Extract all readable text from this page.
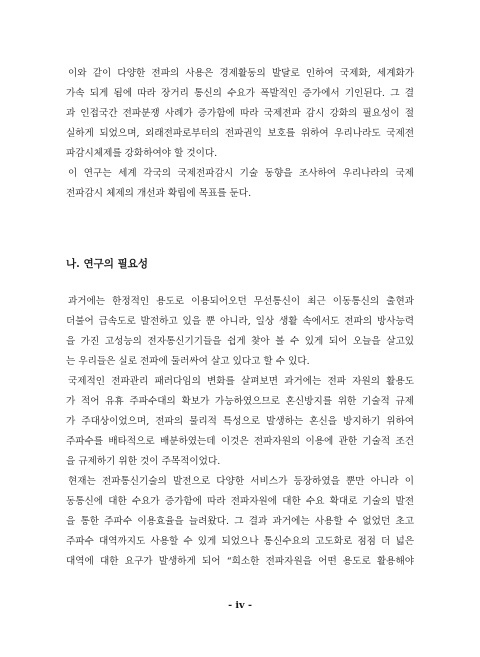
이와 같이 다양한 전파의 사용은 경제활동의 발달로 인하여 국제화, 세계화가
가속 되게 됨에 따라 장거리 통신의 수요가 폭발적인 증가에서 기인된다. 그 결
과 인접국간 전파분쟁 사례가 증가함에 따라 국제전파 감시 강화의 필요성이 절
실하게 되었으며, 외래전파로부터의 전파권익 보호를 위하여 우리나라도 국제전
파감시체제를 강화하여야 할 것이다.
이 연구는 세계 각국의 국제전파감시 기술 동향을 조사하여 우리나라의 국제
전파감시 체제의 개선과 확립에 목표를 둔다.
나. 연구의 필요성
과거에는 한정적인 용도로 이용되어오던 무선통신이 최근 이동통신의 출현과
더불어 급속도로 발전하고 있을 뿐 아니라, 일상 생활 속에서도 전파의 방사능력
을 가진 고성능의 전자통신기기들을 쉽게 찾아 볼 수 있게 되어 오늘을 살고있
는 우리들은 실로 전파에 둘러싸여 살고 있다고 할 수 있다.
국제적인 전파관리 패러다임의 변화를 살펴보면 과거에는 전파 자원의 활용도
가 적어 유휴 주파수대의 확보가 가능하였으므로 혼신방지를 위한 기술적 규제
가 주대상이었으며, 전파의 물리적 특성으로 발생하는 혼신을 방지하기 위하여
주파수를 배타적으로 배분하였는데 이것은 전파자원의 이용에 관한 기술적 조건
을 규제하기 위한 것이 주목적이었다.
현재는 전파통신기술의 발전으로 다양한 서비스가 등장하였을 뿐만 아니라 이
동통신에 대한 수요가 증가함에 따라 전파자원에 대한 수요 확대로 기술의 발전
을 통한 주파수 이용효율을 늘려왔다. 그 결과 과거에는 사용할 수 없었던 초고
주파수 대역까지도 사용할 수 있게 되었으나 통신수요의 고도화로 점점 더 넓은
대역에 대한 요구가 발생하게 되어 “희소한 전파자원을 어떤 용도로 활용해야
- iv -
